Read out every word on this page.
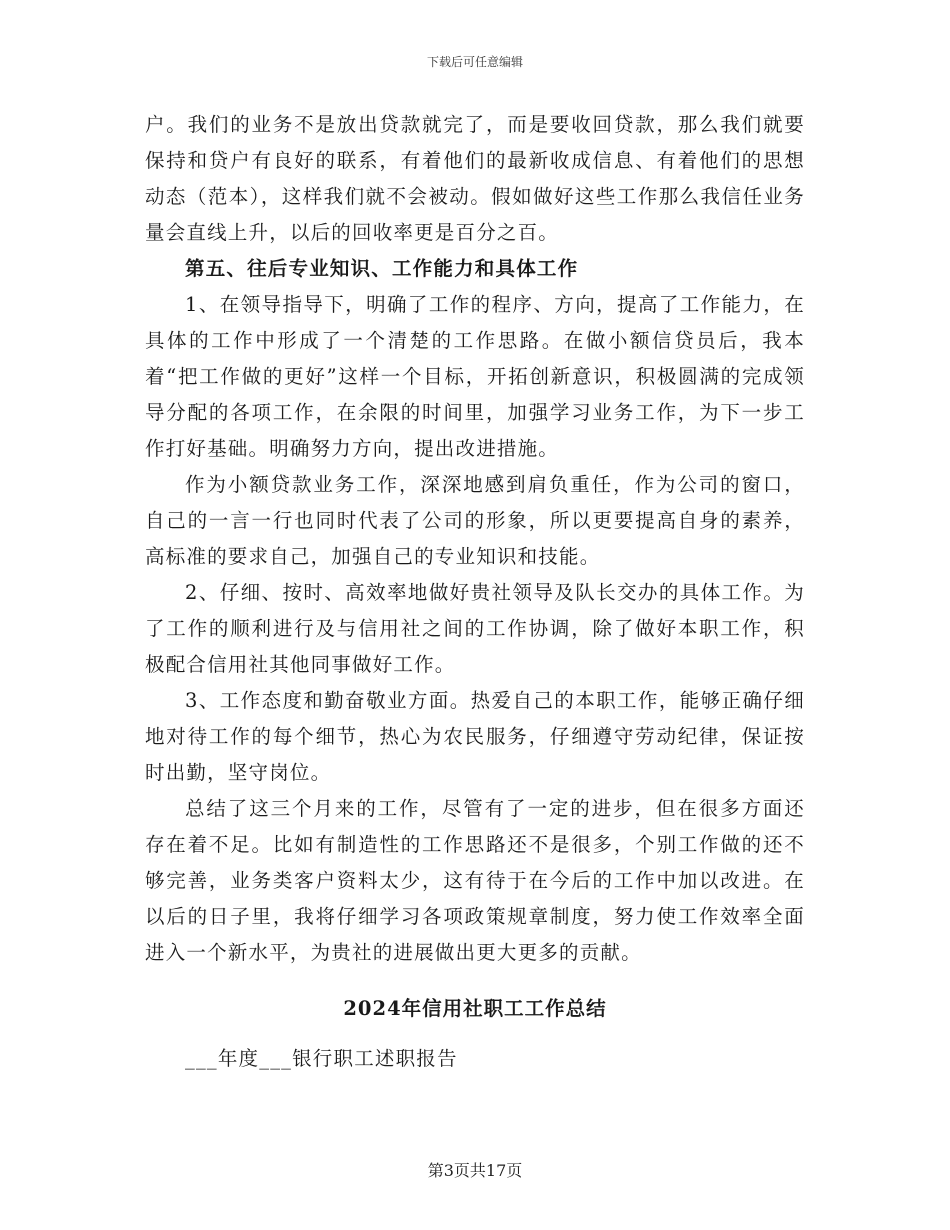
下载后可任意编辑

户。我们的业务不是放出贷款就完了，而是要收回贷款，那么我们就要保持和贷户有良好的联系，有着他们的最新收成信息、有着他们的思想动态（范本），这样我们就不会被动。假如做好这些工作那么我信任业务量会直线上升，以后的回收率更是百分之百。

第五、往后专业知识、工作能力和具体工作

1、在领导指导下，明确了工作的程序、方向，提高了工作能力，在具体的工作中形成了一个清楚的工作思路。在做小额信贷员后，我本着“把工作做的更好”这样一个目标，开拓创新意识，积极圆满的完成领导分配的各项工作，在余限的时间里，加强学习业务工作，为下一步工作打好基础。明确努力方向，提出改进措施。

作为小额贷款业务工作，深深地感到肩负重任，作为公司的窗口，自己的一言一行也同时代表了公司的形象，所以更要提高自身的素养，高标准的要求自己，加强自己的专业知识和技能。

2、仔细、按时、高效率地做好贵社领导及队长交办的具体工作。为了工作的顺利进行及与信用社之间的工作协调，除了做好本职工作，积极配合信用社其他同事做好工作。

3、工作态度和勤奋敬业方面。热爱自己的本职工作，能够正确仔细地对待工作的每个细节，热心为农民服务，仔细遵守劳动纪律，保证按时出勤，坚守岗位。

总结了这三个月来的工作，尽管有了一定的进步，但在很多方面还存在着不足。比如有制造性的工作思路还不是很多，个别工作做的还不够完善，业务类客户资料太少，这有待于在今后的工作中加以改进。在以后的日子里，我将仔细学习各项政策规章制度，努力使工作效率全面进入一个新水平，为贵社的进展做出更大更多的贡献。

2024年信用社职工工作总结

___年度___银行职工述职报告

第3页共17页
